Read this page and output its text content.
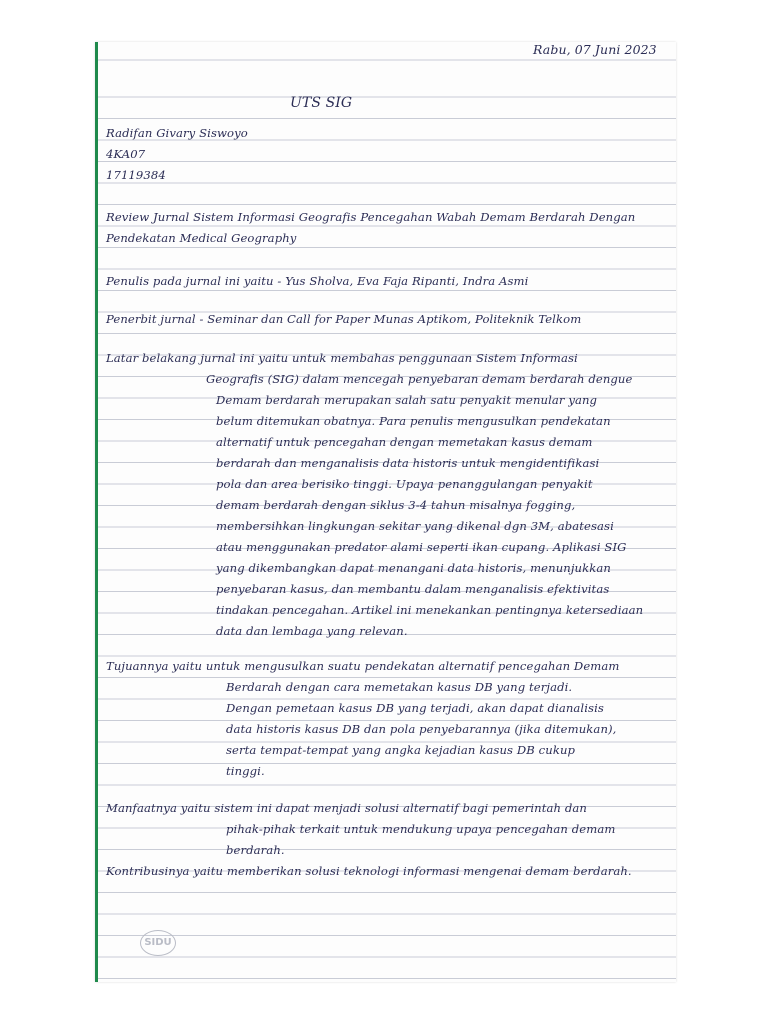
Rabu, 07 Juni 2023
UTS SIG
Radifan Givary Siswoyo
4KA07
17119384
Review Jurnal Sistem Informasi Geografis Pencegahan Wabah Demam Berdarah Dengan
Pendekatan Medical Geography
Penulis pada jurnal ini yaitu - Yus Sholva, Eva Faja Ripanti, Indra Asmi
Penerbit jurnal - Seminar dan Call for Paper Munas Aptikom, Politeknik Telkom
Latar belakang jurnal ini yaitu untuk membahas penggunaan Sistem Informasi
Geografis (SIG) dalam mencegah penyebaran demam berdarah dengue
Demam berdarah merupakan salah satu penyakit menular yang
belum ditemukan obatnya. Para penulis mengusulkan pendekatan
alternatif untuk pencegahan dengan memetakan kasus demam
berdarah dan menganalisis data historis untuk mengidentifikasi
pola dan area berisiko tinggi. Upaya penanggulangan penyakit
demam berdarah dengan siklus 3-4 tahun misalnya fogging,
membersihkan lingkungan sekitar yang dikenal dgn 3M, abatesasi
atau menggunakan predator alami seperti ikan cupang. Aplikasi SIG
yang dikembangkan dapat menangani data historis, menunjukkan
penyebaran kasus, dan membantu dalam menganalisis efektivitas
tindakan pencegahan. Artikel ini menekankan pentingnya ketersediaan
data dan lembaga yang relevan.
Tujuannya yaitu untuk mengusulkan suatu pendekatan alternatif pencegahan Demam
Berdarah dengan cara memetakan kasus DB yang terjadi.
Dengan pemetaan kasus DB yang terjadi, akan dapat dianalisis
data historis kasus DB dan pola penyebarannya (jika ditemukan),
serta tempat-tempat yang angka kejadian kasus DB cukup
tinggi.
Manfaatnya yaitu sistem ini dapat menjadi solusi alternatif bagi pemerintah dan
pihak-pihak terkait untuk mendukung upaya pencegahan demam
berdarah.
Kontribusinya yaitu memberikan solusi teknologi informasi mengenai demam berdarah.
SIDU
